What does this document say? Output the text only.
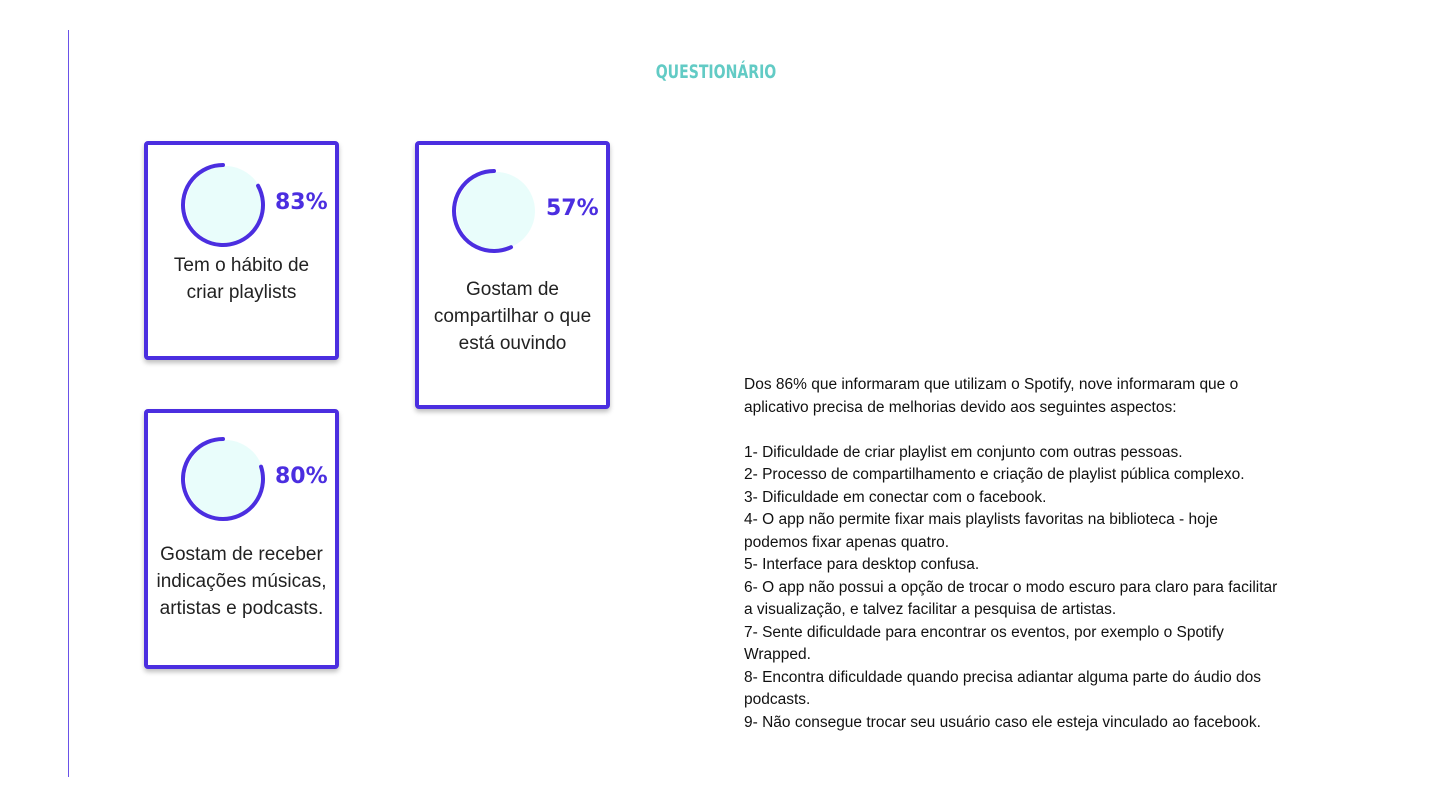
QUESTIONÁRIO
83%
Tem o hábito de
criar playlists
57%
Gostam de
compartilhar o que
está ouvindo
80%
Gostam de receber
indicações músicas,
artistas e podcasts.

Dos 86% que informaram que utilizam o Spotify, nove informaram que o aplicativo precisa de melhorias devido aos seguintes aspectos:

1- Dificuldade de criar playlist em conjunto com outras pessoas.

2- Processo de compartilhamento e criação de playlist pública complexo.

3- Dificuldade em conectar com o facebook.

4- O app não permite fixar mais playlists favoritas na biblioteca - hoje podemos fixar apenas quatro.

5- Interface para desktop confusa.

6- O app não possui a opção de trocar o modo escuro para claro para facilitar a visualização, e talvez facilitar a pesquisa de artistas.

7- Sente dificuldade para encontrar os eventos, por exemplo o Spotify Wrapped.

8- Encontra dificuldade quando precisa adiantar alguma parte do áudio dos podcasts.

9- Não consegue trocar seu usuário caso ele esteja vinculado ao facebook.
